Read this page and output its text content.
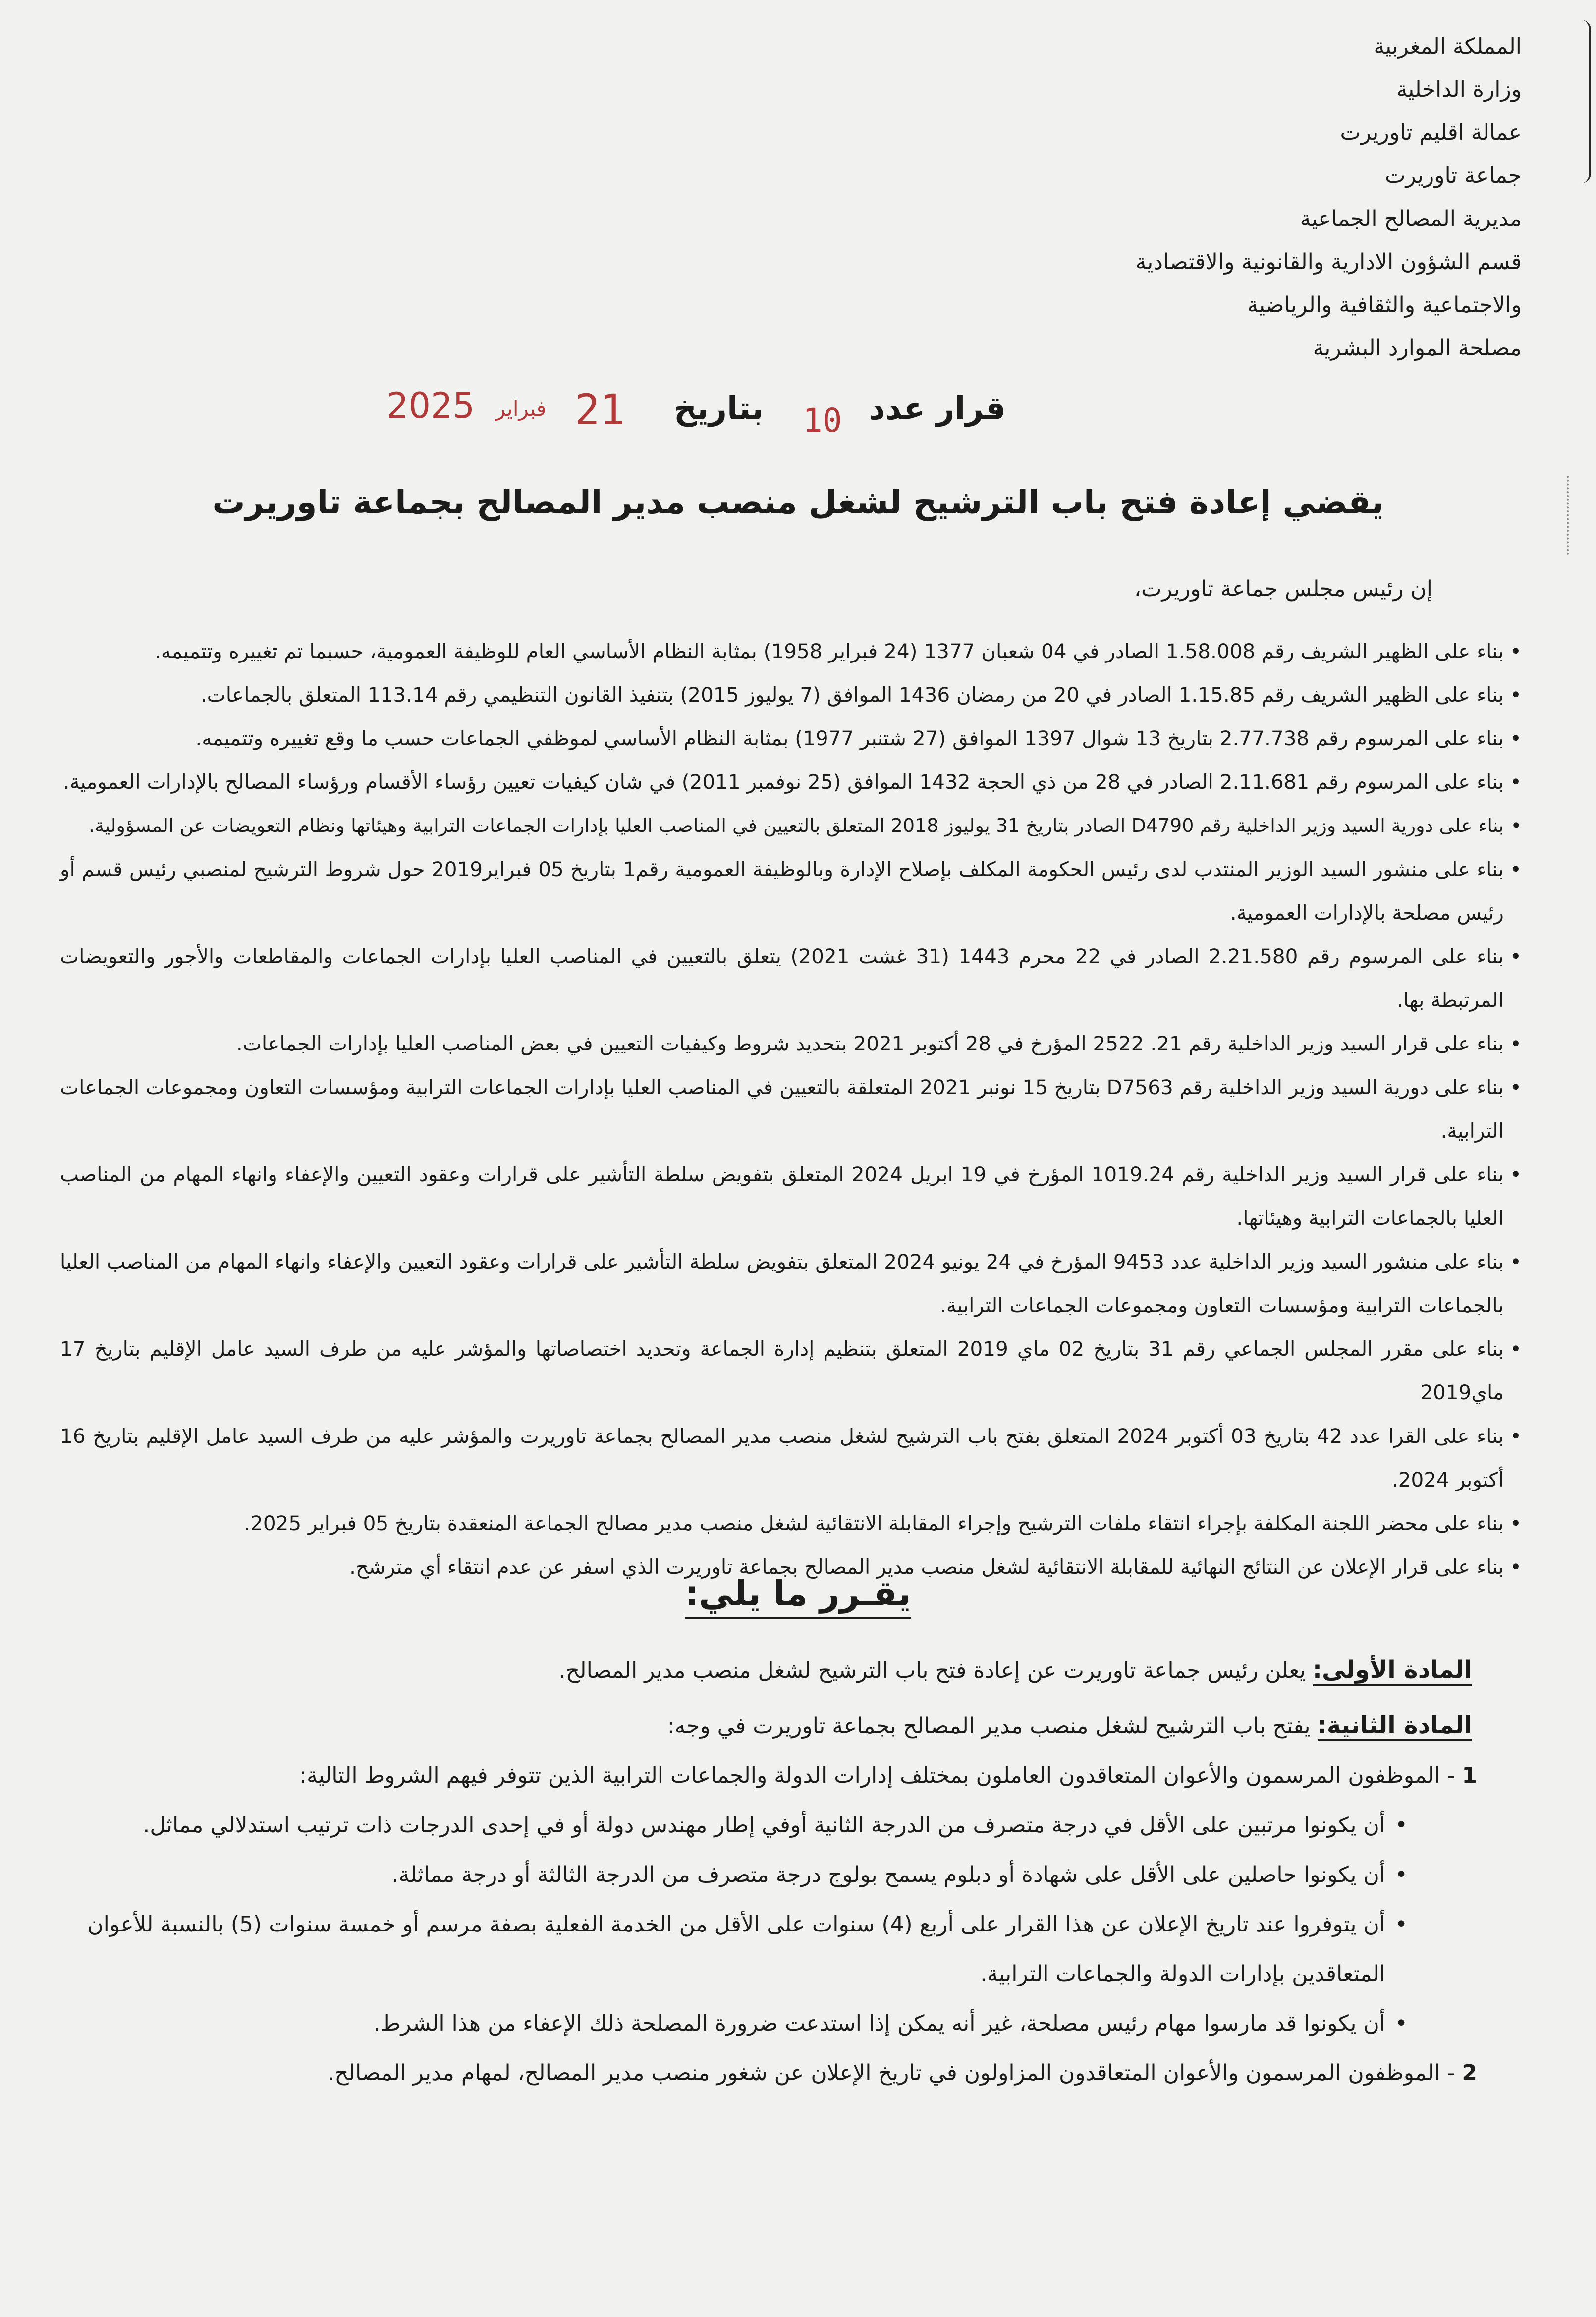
المملكة المغربية
وزارة الداخلية
عمالة اقليم تاوريرت
جماعة تاوريرت
مديرية المصالح الجماعية
قسم الشؤون الادارية والقانونية والاقتصادية
والاجتماعية والثقافية والرياضية
مصلحة الموارد البشرية
قرار عدد
10
بتاريخ
21
فبراير
2025
يقضي إعادة فتح باب الترشيح لشغل منصب مدير المصالح بجماعة تاوريرت
إن رئيس مجلس جماعة تاوريرت،

• بناء على الظهير الشريف رقم 1.58.008 الصادر في 04 شعبان 1377 (24 فبراير 1958) بمثابة النظام الأساسي العام للوظيفة العمومية، حسبما تم تغييره وتتميمه.

• بناء على الظهير الشريف رقم 1.15.85 الصادر في 20 من رمضان 1436 الموافق (7 يوليوز 2015) بتنفيذ القانون التنظيمي رقم 113.14 المتعلق بالجماعات.

• بناء على المرسوم رقم 2.77.738 بتاريخ 13 شوال 1397 الموافق (27 شتنبر 1977) بمثابة النظام الأساسي لموظفي الجماعات حسب ما وقع تغييره وتتميمه.

• بناء على المرسوم رقم 2.11.681 الصادر في 28 من ذي الحجة 1432 الموافق (25 نوفمبر 2011) في شان كيفيات تعيين رؤساء الأقسام ورؤساء المصالح بالإدارات العمومية.

• بناء على دورية السيد وزير الداخلية رقم D4790 الصادر بتاريخ 31 يوليوز 2018 المتعلق بالتعيين في المناصب العليا بإدارات الجماعات الترابية وهيئاتها ونظام التعويضات عن المسؤولية.

• بناء على منشور السيد الوزير المنتدب لدى رئيس الحكومة المكلف بإصلاح الإدارة وبالوظيفة العمومية رقم1 بتاريخ 05 فبراير2019 حول شروط الترشيح لمنصبي رئيس قسم أو رئيس مصلحة بالإدارات العمومية.

• بناء على المرسوم رقم 2.21.580 الصادر في 22 محرم 1443 (31 غشت 2021) يتعلق بالتعيين في المناصب العليا بإدارات الجماعات والمقاطعات والأجور والتعويضات المرتبطة بها.

• بناء على قرار السيد وزير الداخلية رقم 21. 2522 المؤرخ في 28 أكتوبر 2021 بتحديد شروط وكيفيات التعيين في بعض المناصب العليا بإدارات الجماعات.

• بناء على دورية السيد وزير الداخلية رقم D7563 بتاريخ 15 نونبر 2021 المتعلقة بالتعيين في المناصب العليا بإدارات الجماعات الترابية ومؤسسات التعاون ومجموعات الجماعات الترابية.

• بناء على قرار السيد وزير الداخلية رقم 1019.24 المؤرخ في 19 ابريل 2024 المتعلق بتفويض سلطة التأشير على قرارات وعقود التعيين والإعفاء وانهاء المهام من المناصب العليا بالجماعات الترابية وهيئاتها.

• بناء على منشور السيد وزير الداخلية عدد 9453 المؤرخ في 24 يونيو 2024 المتعلق بتفويض سلطة التأشير على قرارات وعقود التعيين والإعفاء وانهاء المهام من المناصب العليا بالجماعات الترابية ومؤسسات التعاون ومجموعات الجماعات الترابية.

• بناء على مقرر المجلس الجماعي رقم 31 بتاريخ 02 ماي 2019 المتعلق بتنظيم إدارة الجماعة وتحديد اختصاصاتها والمؤشر عليه من طرف السيد عامل الإقليم بتاريخ 17 ماي2019

• بناء على القرا عدد 42 بتاريخ 03 أكتوبر 2024 المتعلق بفتح باب الترشيح لشغل منصب مدير المصالح بجماعة تاوريرت والمؤشر عليه من طرف السيد عامل الإقليم بتاريخ 16 أكتوبر 2024.

• بناء على محضر اللجنة المكلفة بإجراء انتقاء ملفات الترشيح وإجراء المقابلة الانتقائية لشغل منصب مدير مصالح الجماعة المنعقدة بتاريخ 05 فبراير 2025.

• بناء على قرار الإعلان عن النتائج النهائية للمقابلة الانتقائية لشغل منصب مدير المصالح بجماعة تاوريرت الذي اسفر عن عدم انتقاء أي مترشح.

يقـرر ما يلي:

المادة الأولى: يعلن رئيس جماعة تاوريرت عن إعادة فتح باب الترشيح لشغل منصب مدير المصالح.

المادة الثانية: يفتح باب الترشيح لشغل منصب مدير المصالح بجماعة تاوريرت في وجه:

1 - الموظفون المرسمون والأعوان المتعاقدون العاملون بمختلف إدارات الدولة والجماعات الترابية الذين تتوفر فيهم الشروط التالية:

• أن يكونوا مرتبين على الأقل في درجة متصرف من الدرجة الثانية أوفي إطار مهندس دولة أو في إحدى الدرجات ذات ترتيب استدلالي مماثل.

• أن يكونوا حاصلين على الأقل على شهادة أو دبلوم يسمح بولوج درجة متصرف من الدرجة الثالثة أو درجة مماثلة.

• أن يتوفروا عند تاريخ الإعلان عن هذا القرار على أربع (4) سنوات على الأقل من الخدمة الفعلية بصفة مرسم أو خمسة سنوات (5) بالنسبة للأعوان المتعاقدين بإدارات الدولة والجماعات الترابية.

• أن يكونوا قد مارسوا مهام رئيس مصلحة، غير أنه يمكن إذا استدعت ضرورة المصلحة ذلك الإعفاء من هذا الشرط.

2 - الموظفون المرسمون والأعوان المتعاقدون المزاولون في تاريخ الإعلان عن شغور منصب مدير المصالح، لمهام مدير المصالح.
